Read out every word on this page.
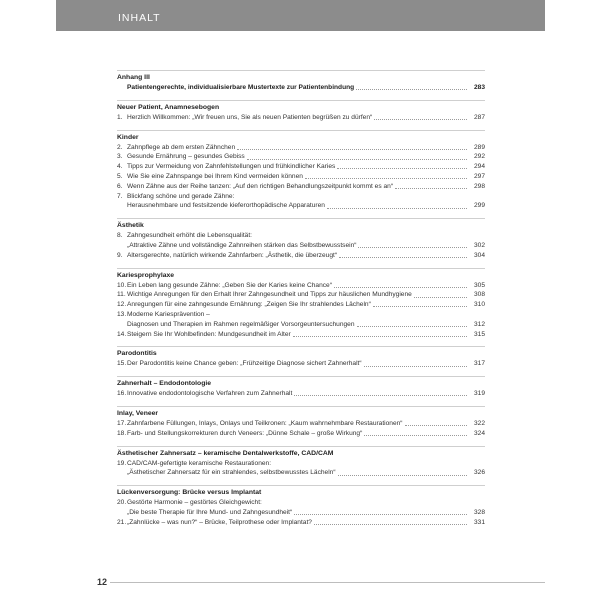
INHALT
Anhang III
Patientengerechte, individualisierbare Mustertexte zur Patientenbindung	283
Neuer Patient, Anamnesebogen
1. Herzlich Willkommen: „Wir freuen uns, Sie als neuen Patienten begrüßen zu dürfen“	287
Kinder
2. Zahnpflege ab dem ersten Zähnchen	289
3. Gesunde Ernährung – gesundes Gebiss	292
4. Tipps zur Vermeidung von Zahnfehlstellungen und frühkindlicher Karies	294
5. Wie Sie eine Zahnspange bei Ihrem Kind vermeiden können	297
6. Wenn Zähne aus der Reihe tanzen: „Auf den richtigen Behandlungszeitpunkt kommt es an“	298
7. Blickfang schöne und gerade Zähne:
Herausnehmbare und festsitzende kieferorthopädische Apparaturen	299
Ästhetik
8. Zahngesundheit erhöht die Lebensqualität:
„Attraktive Zähne und vollständige Zahnreihen stärken das Selbstbewusstsein“	302
9. Altersgerechte, natürlich wirkende Zahnfarben: „Ästhetik, die überzeugt“	304
Kariesprophylaxe
10. Ein Leben lang gesunde Zähne: „Geben Sie der Karies keine Chance“	305
11. Wichtige Anregungen für den Erhalt Ihrer Zahngesundheit und Tipps zur häuslichen Mundhygiene	308
12. Anregungen für eine zahngesunde Ernährung: „Zeigen Sie Ihr strahlendes Lächeln“	310
13. Moderne Kariesprävention –
Diagnosen und Therapien im Rahmen regelmäßiger Vorsorgeuntersuchungen	312
14. Steigern Sie Ihr Wohlbefinden: Mundgesundheit im Alter	315
Parodontitis
15. Der Parodontitis keine Chance geben: „Frühzeitige Diagnose sichert Zahnerhalt“	317
Zahnerhalt – Endodontologie
16. Innovative endodontologische Verfahren zum Zahnerhalt	319
Inlay, Veneer
17. Zahnfarbene Füllungen, Inlays, Onlays und Teilkronen: „Kaum wahrnehmbare Restaurationen“	322
18. Farb- und Stellungskorrekturen durch Veneers: „Dünne Schale – große Wirkung“	324
Ästhetischer Zahnersatz – keramische Dentalwerkstoffe, CAD/CAM
19. CAD/CAM-gefertigte keramische Restaurationen:
„Ästhetischer Zahnersatz für ein strahlendes, selbstbewusstes Lächeln“	326
Lückenversorgung: Brücke versus Implantat
20. Gestörte Harmonie – gestörtes Gleichgewicht:
„Die beste Therapie für Ihre Mund- und Zahngesundheit“	328
21. „Zahnlücke – was nun?“ – Brücke, Teilprothese oder Implantat?	331
12
